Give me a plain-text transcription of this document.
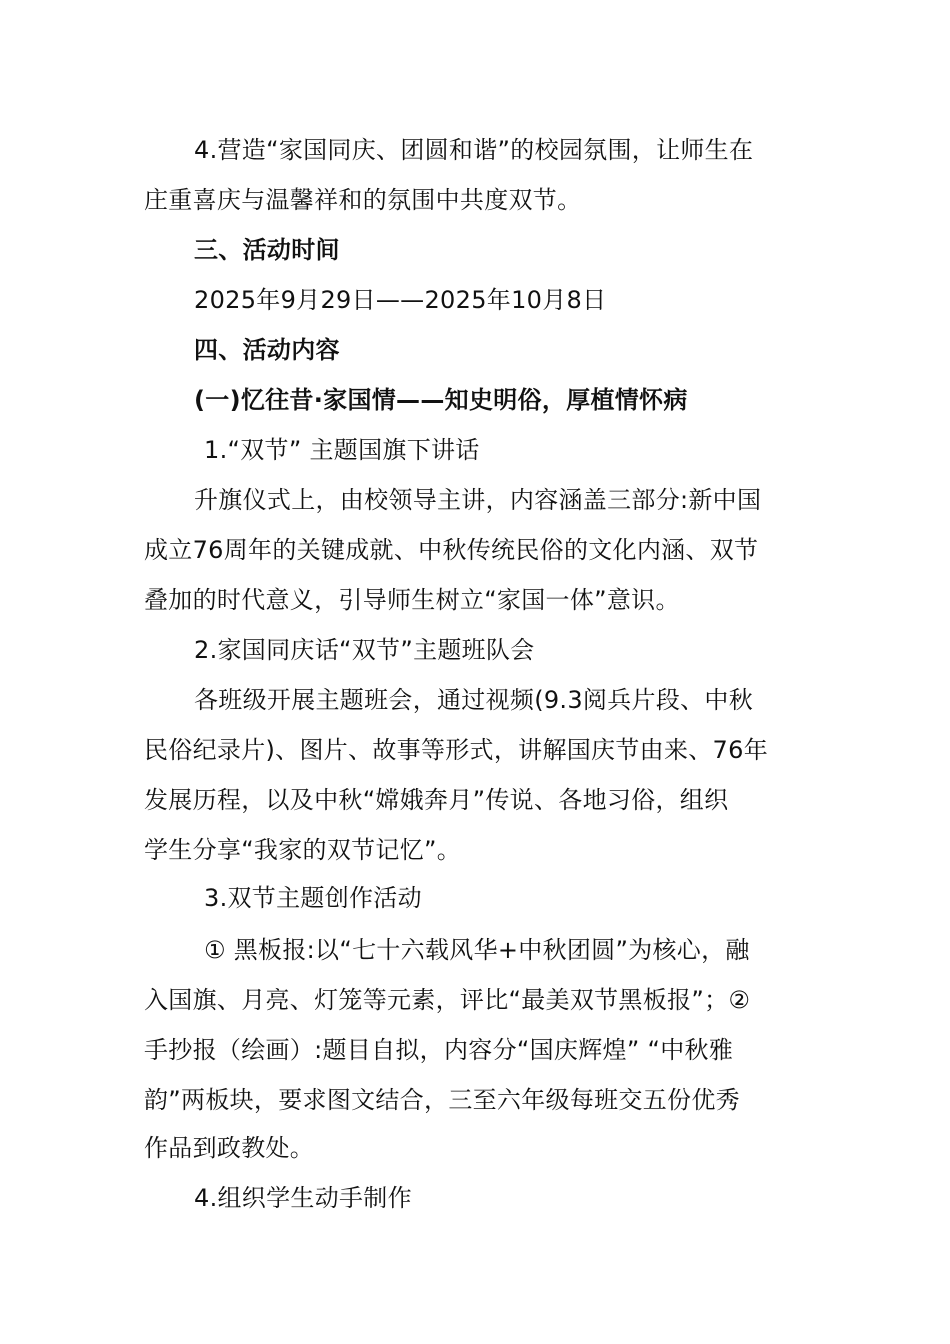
4.营造“家国同庆、团圆和谐”的校园氛围，让师生在
庄重喜庆与温馨祥和的氛围中共度双节。
三、活动时间
2025年9月29日——2025年10月8日
四、活动内容
(一)忆往昔·家国情——知史明俗，厚植情怀病
1.“双节” 主题国旗下讲话
升旗仪式上，由校领导主讲，内容涵盖三部分:新中国
成立76周年的关键成就、中秋传统民俗的文化内涵、双节
叠加的时代意义，引导师生树立“家国一体”意识。
2.家国同庆话“双节”主题班队会
各班级开展主题班会，通过视频(9.3阅兵片段、中秋
民俗纪录片)、图片、故事等形式，讲解国庆节由来、76年
发展历程，以及中秋“嫦娥奔月”传说、各地习俗，组织
学生分享“我家的双节记忆”。
3.双节主题创作活动
① 黑板报:以“七十六载风华+中秋团圆”为核心，融
入国旗、月亮、灯笼等元素，评比“最美双节黑板报”；②
手抄报（绘画）:题目自拟，内容分“国庆辉煌” “中秋雅
韵”两板块，要求图文结合，三至六年级每班交五份优秀
作品到政教处。
4.组织学生动手制作
